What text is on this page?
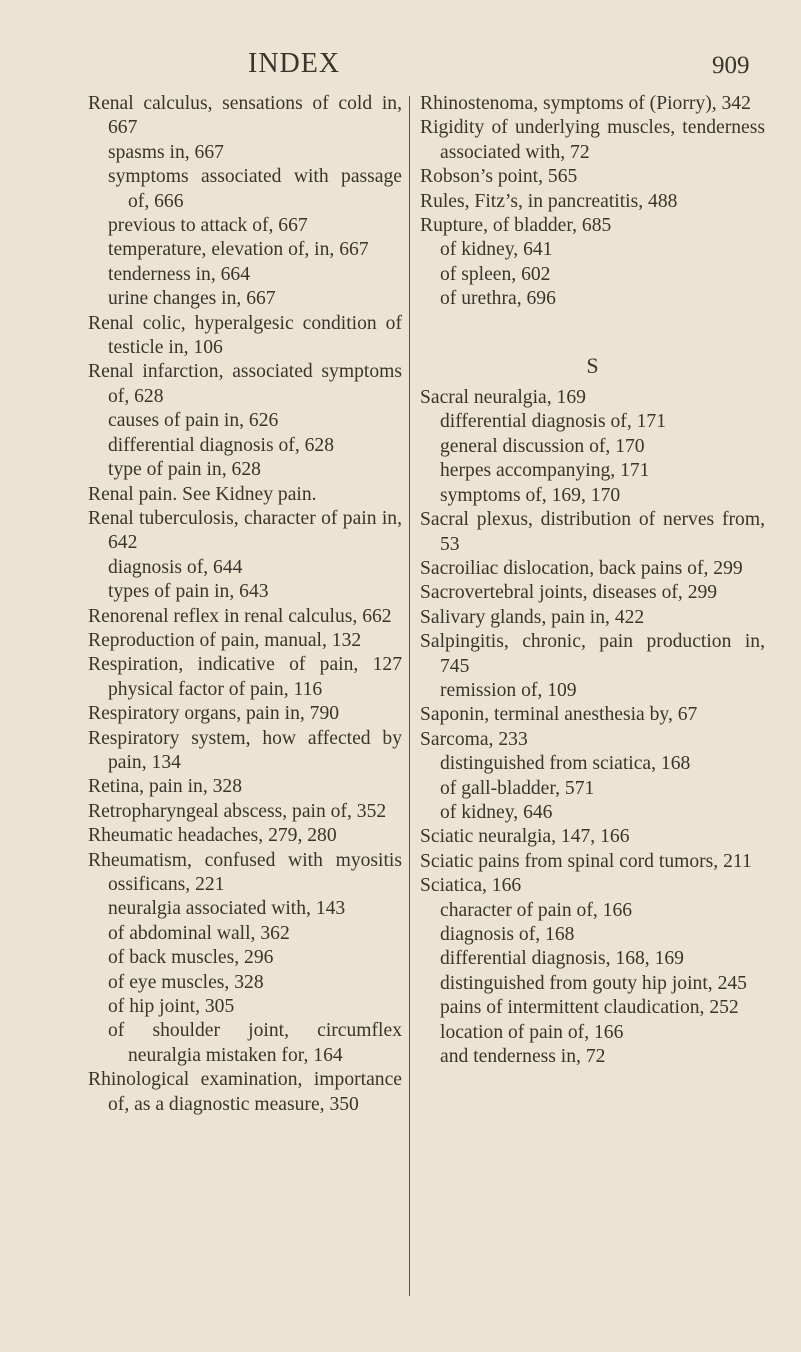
INDEX	909

Renal calculus, sensations of cold in, 667

spasms in, 667

symptoms associated with passage of, 666

previous to attack of, 667

temperature, elevation of, in, 667

tenderness in, 664

urine changes in, 667

Renal colic, hyperalgesic condition of testicle in, 106

Renal infarction, associated symptoms of, 628

causes of pain in, 626

differential diagnosis of, 628

type of pain in, 628

Renal pain. See Kidney pain.

Renal tuberculosis, character of pain in, 642

diagnosis of, 644

types of pain in, 643

Renorenal reflex in renal calculus, 662

Reproduction of pain, manual, 132

Respiration, indicative of pain, 127 physical factor of pain, 116

Respiratory organs, pain in, 790

Respiratory system, how affected by pain, 134

Retina, pain in, 328

Retropharyngeal abscess, pain of, 352

Rheumatic headaches, 279, 280

Rheumatism, confused with myositis ossificans, 221

neuralgia associated with, 143

of abdominal wall, 362

of back muscles, 296

of eye muscles, 328

of hip joint, 305

of shoulder joint, circumflex neuralgia mistaken for, 164

Rhinological examination, importance of, as a diagnostic measure, 350

Rhinostenoma, symptoms of (Piorry), 342

Rigidity of underlying muscles, tenderness associated with, 72

Robson’s point, 565

Rules, Fitz’s, in pancreatitis, 488

Rupture, of bladder, 685

of kidney, 641

of spleen, 602

of urethra, 696

S

Sacral neuralgia, 169

differential diagnosis of, 171

general discussion of, 170

herpes accompanying, 171

symptoms of, 169, 170

Sacral plexus, distribution of nerves from, 53

Sacroiliac dislocation, back pains of, 299

Sacrovertebral joints, diseases of, 299

Salivary glands, pain in, 422

Salpingitis, chronic, pain production in, 745

remission of, 109

Saponin, terminal anesthesia by, 67

Sarcoma, 233

distinguished from sciatica, 168

of gall-bladder, 571

of kidney, 646

Sciatic neuralgia, 147, 166

Sciatic pains from spinal cord tumors, 211

Sciatica, 166

character of pain of, 166

diagnosis of, 168

differential diagnosis, 168, 169

distinguished from gouty hip joint, 245

pains of intermittent claudication, 252

location of pain of, 166

and tenderness in, 72
